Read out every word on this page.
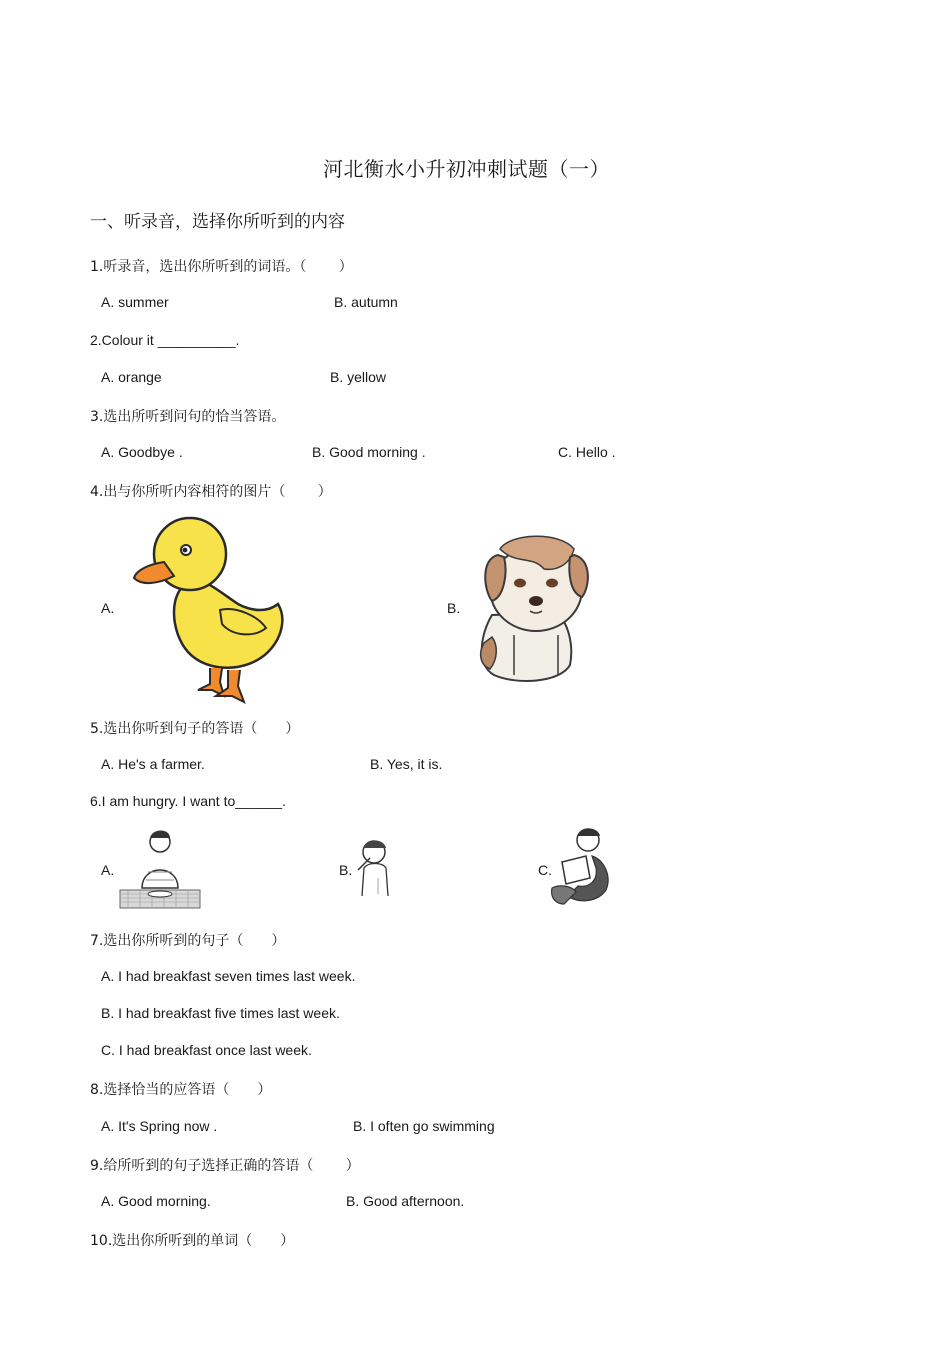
河北衡水小升初冲刺试题（一）
一、听录音，选择你所听到的内容
1.听录音，选出你所听到的词语。（　　 ）
A. summer	B. autumn
2.Colour it __________.
A. orange	B. yellow
3.选出所听到问句的恰当答语。
A. Goodbye .	B. Good morning .	C. Hello .
4.出与你所听内容相符的图片（　　 ）
A.	B.
5.选出你听到句子的答语（　　）
A. He's a farmer.	B. Yes, it is.
6.I am hungry. I want to______.
A.	B.	C.
7.选出你所听到的句子（　　）
A. I had breakfast seven times last week.
B. I had breakfast five times last week.
C. I had breakfast once last week.
8.选择恰当的应答语（　　）
A. It's Spring now .	B. I often go swimming
9.给所听到的句子选择正确的答语（　　 ）
A. Good morning.	B. Good afternoon.
10.选出你所听到的单词（　　）
